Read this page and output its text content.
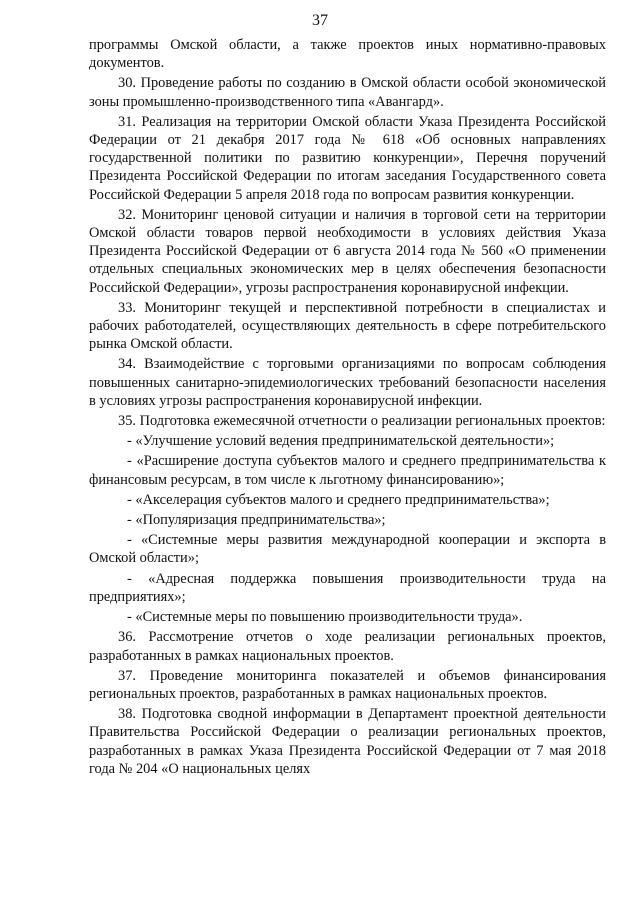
37

программы Омской области, а также проектов иных нормативно-правовых документов.

30. Проведение работы по созданию в Омской области особой экономической зоны промышленно-производственного типа «Авангард».

31. Реализация на территории Омской области Указа Президента Российской Федерации от 21 декабря 2017 года № 618 «Об основных направлениях государственной политики по развитию конкуренции», Перечня поручений Президента Российской Федерации по итогам заседания Государственного совета Российской Федерации 5 апреля 2018 года по вопросам развития конкуренции.

32. Мониторинг ценовой ситуации и наличия в торговой сети на территории Омской области товаров первой необходимости в условиях действия Указа Президента Российской Федерации от 6 августа 2014 года № 560 «О применении отдельных специальных экономических мер в целях обеспечения безопасности Российской Федерации», угрозы распространения коронавирусной инфекции.

33. Мониторинг текущей и перспективной потребности в специалистах и рабочих работодателей, осуществляющих деятельность в сфере потребительского рынка Омской области.

34. Взаимодействие с торговыми организациями по вопросам соблюдения повышенных санитарно-эпидемиологических требований безопасности населения в условиях угрозы распространения коронавирусной инфекции.

35. Подготовка ежемесячной отчетности о реализации региональных проектов:

- «Улучшение условий ведения предпринимательской деятельности»;

- «Расширение доступа субъектов малого и среднего предпринимательства к финансовым ресурсам, в том числе к льготному финансированию»;

- «Акселерация субъектов малого и среднего предпринимательства»;

- «Популяризация предпринимательства»;

- «Системные меры развития международной кооперации и экспорта в Омской области»;

- «Адресная поддержка повышения производительности труда на предприятиях»;

- «Системные меры по повышению производительности труда».

36. Рассмотрение отчетов о ходе реализации региональных проектов, разработанных в рамках национальных проектов.

37. Проведение мониторинга показателей и объемов финансирования региональных проектов, разработанных в рамках национальных проектов.

38. Подготовка сводной информации в Департамент проектной деятельности Правительства Российской Федерации о реализации региональных проектов, разработанных в рамках Указа Президента Российской Федерации от 7 мая 2018 года № 204 «О национальных целях
